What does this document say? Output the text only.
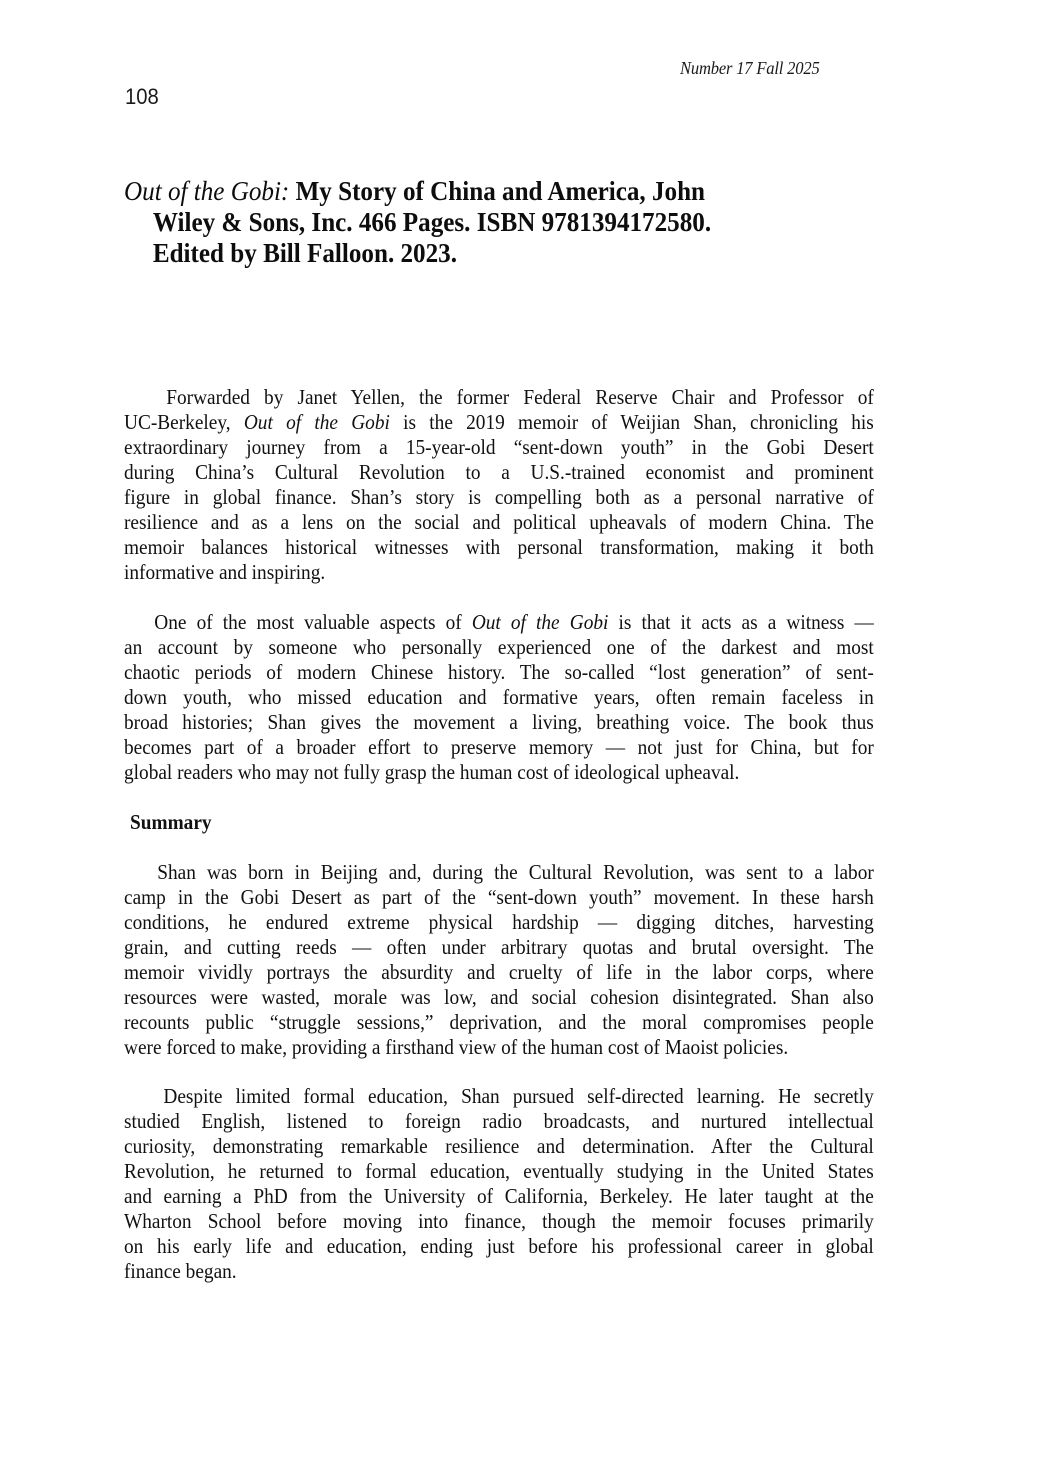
Number 17 Fall 2025
108
Out of the Gobi: My Story of China and America, John
Wiley & Sons, Inc. 466 Pages. ISBN 9781394172580.
Edited by Bill Falloon. 2023.
Forwarded by Janet Yellen, the former Federal Reserve Chair and Professor of
UC-Berkeley, Out of the Gobi is the 2019 memoir of Weijian Shan, chronicling his
extraordinary journey from a 15-year-old “sent-down youth” in the Gobi Desert
during China’s Cultural Revolution to a U.S.-trained economist and prominent
figure in global finance. Shan’s story is compelling both as a personal narrative of
resilience and as a lens on the social and political upheavals of modern China. The
memoir balances historical witnesses with personal transformation, making it both
informative and inspiring.
One of the most valuable aspects of Out of the Gobi is that it acts as a witness —
an account by someone who personally experienced one of the darkest and most
chaotic periods of modern Chinese history. The so-called “lost generation” of sent-
down youth, who missed education and formative years, often remain faceless in
broad histories; Shan gives the movement a living, breathing voice. The book thus
becomes part of a broader effort to preserve memory — not just for China, but for
global readers who may not fully grasp the human cost of ideological upheaval.
Summary
Shan was born in Beijing and, during the Cultural Revolution, was sent to a labor
camp in the Gobi Desert as part of the “sent-down youth” movement. In these harsh
conditions, he endured extreme physical hardship — digging ditches, harvesting
grain, and cutting reeds — often under arbitrary quotas and brutal oversight. The
memoir vividly portrays the absurdity and cruelty of life in the labor corps, where
resources were wasted, morale was low, and social cohesion disintegrated. Shan also
recounts public “struggle sessions,” deprivation, and the moral compromises people
were forced to make, providing a firsthand view of the human cost of Maoist policies.
Despite limited formal education, Shan pursued self-directed learning. He secretly
studied English, listened to foreign radio broadcasts, and nurtured intellectual
curiosity, demonstrating remarkable resilience and determination. After the Cultural
Revolution, he returned to formal education, eventually studying in the United States
and earning a PhD from the University of California, Berkeley. He later taught at the
Wharton School before moving into finance, though the memoir focuses primarily
on his early life and education, ending just before his professional career in global
finance began.
